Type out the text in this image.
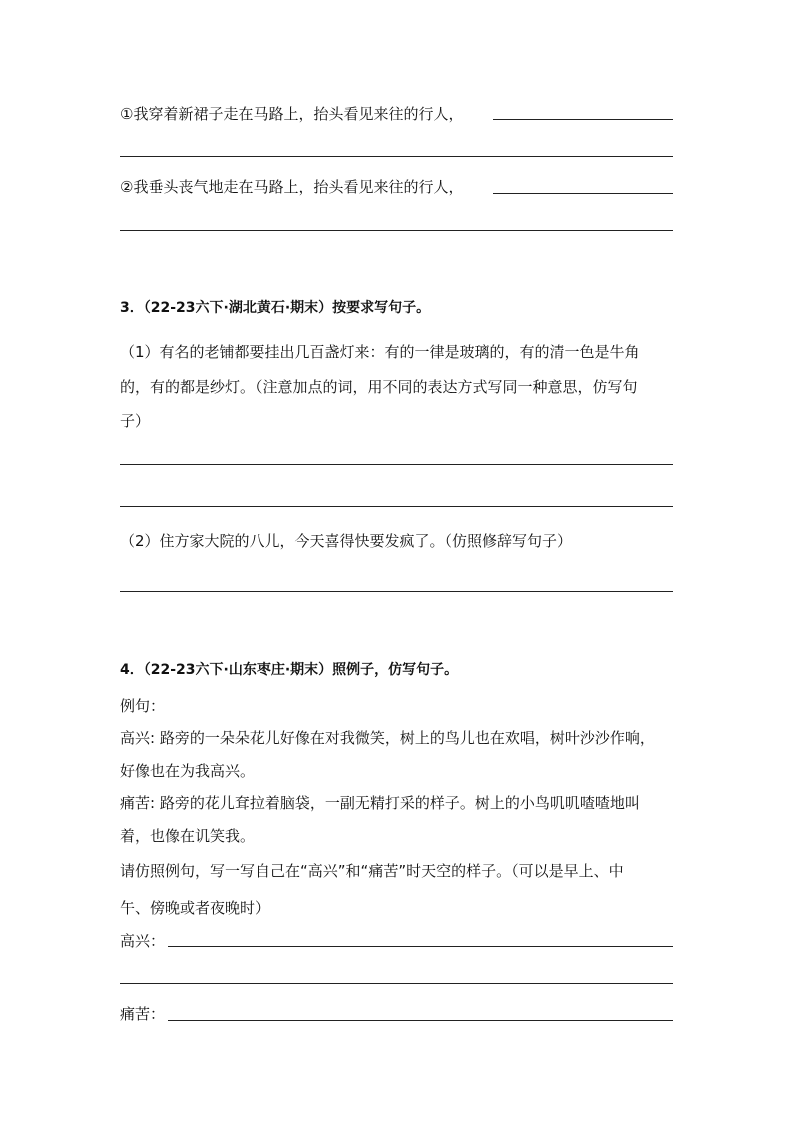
①我穿着新裙子走在马路上，抬头看见来往的行人，
②我垂头丧气地走在马路上，抬头看见来往的行人，
3．（22-23六下·湖北黄石·期末）按要求写句子。
（1）有名的老铺都要挂出几百盏灯来：有的一律是玻璃的，有的清一色是牛角
的，有的都是纱灯。（注意加点的词，用不同的表达方式写同一种意思，仿写句
子）
（2）住方家大院的八儿，今天喜得快要发疯了。（仿照修辞写句子）
4．（22-23六下·山东枣庄·期末）照例子，仿写句子。
例句：
高兴: 路旁的一朵朵花儿好像在对我微笑，树上的鸟儿也在欢唱，树叶沙沙作响，
好像也在为我高兴。
痛苦: 路旁的花儿耷拉着脑袋，一副无精打采的样子。树上的小鸟叽叽喳喳地叫
着，也像在讥笑我。
请仿照例句，写一写自己在“高兴”和“痛苦”时天空的样子。（可以是早上、中
午、傍晚或者夜晚时）
高兴：
痛苦：
